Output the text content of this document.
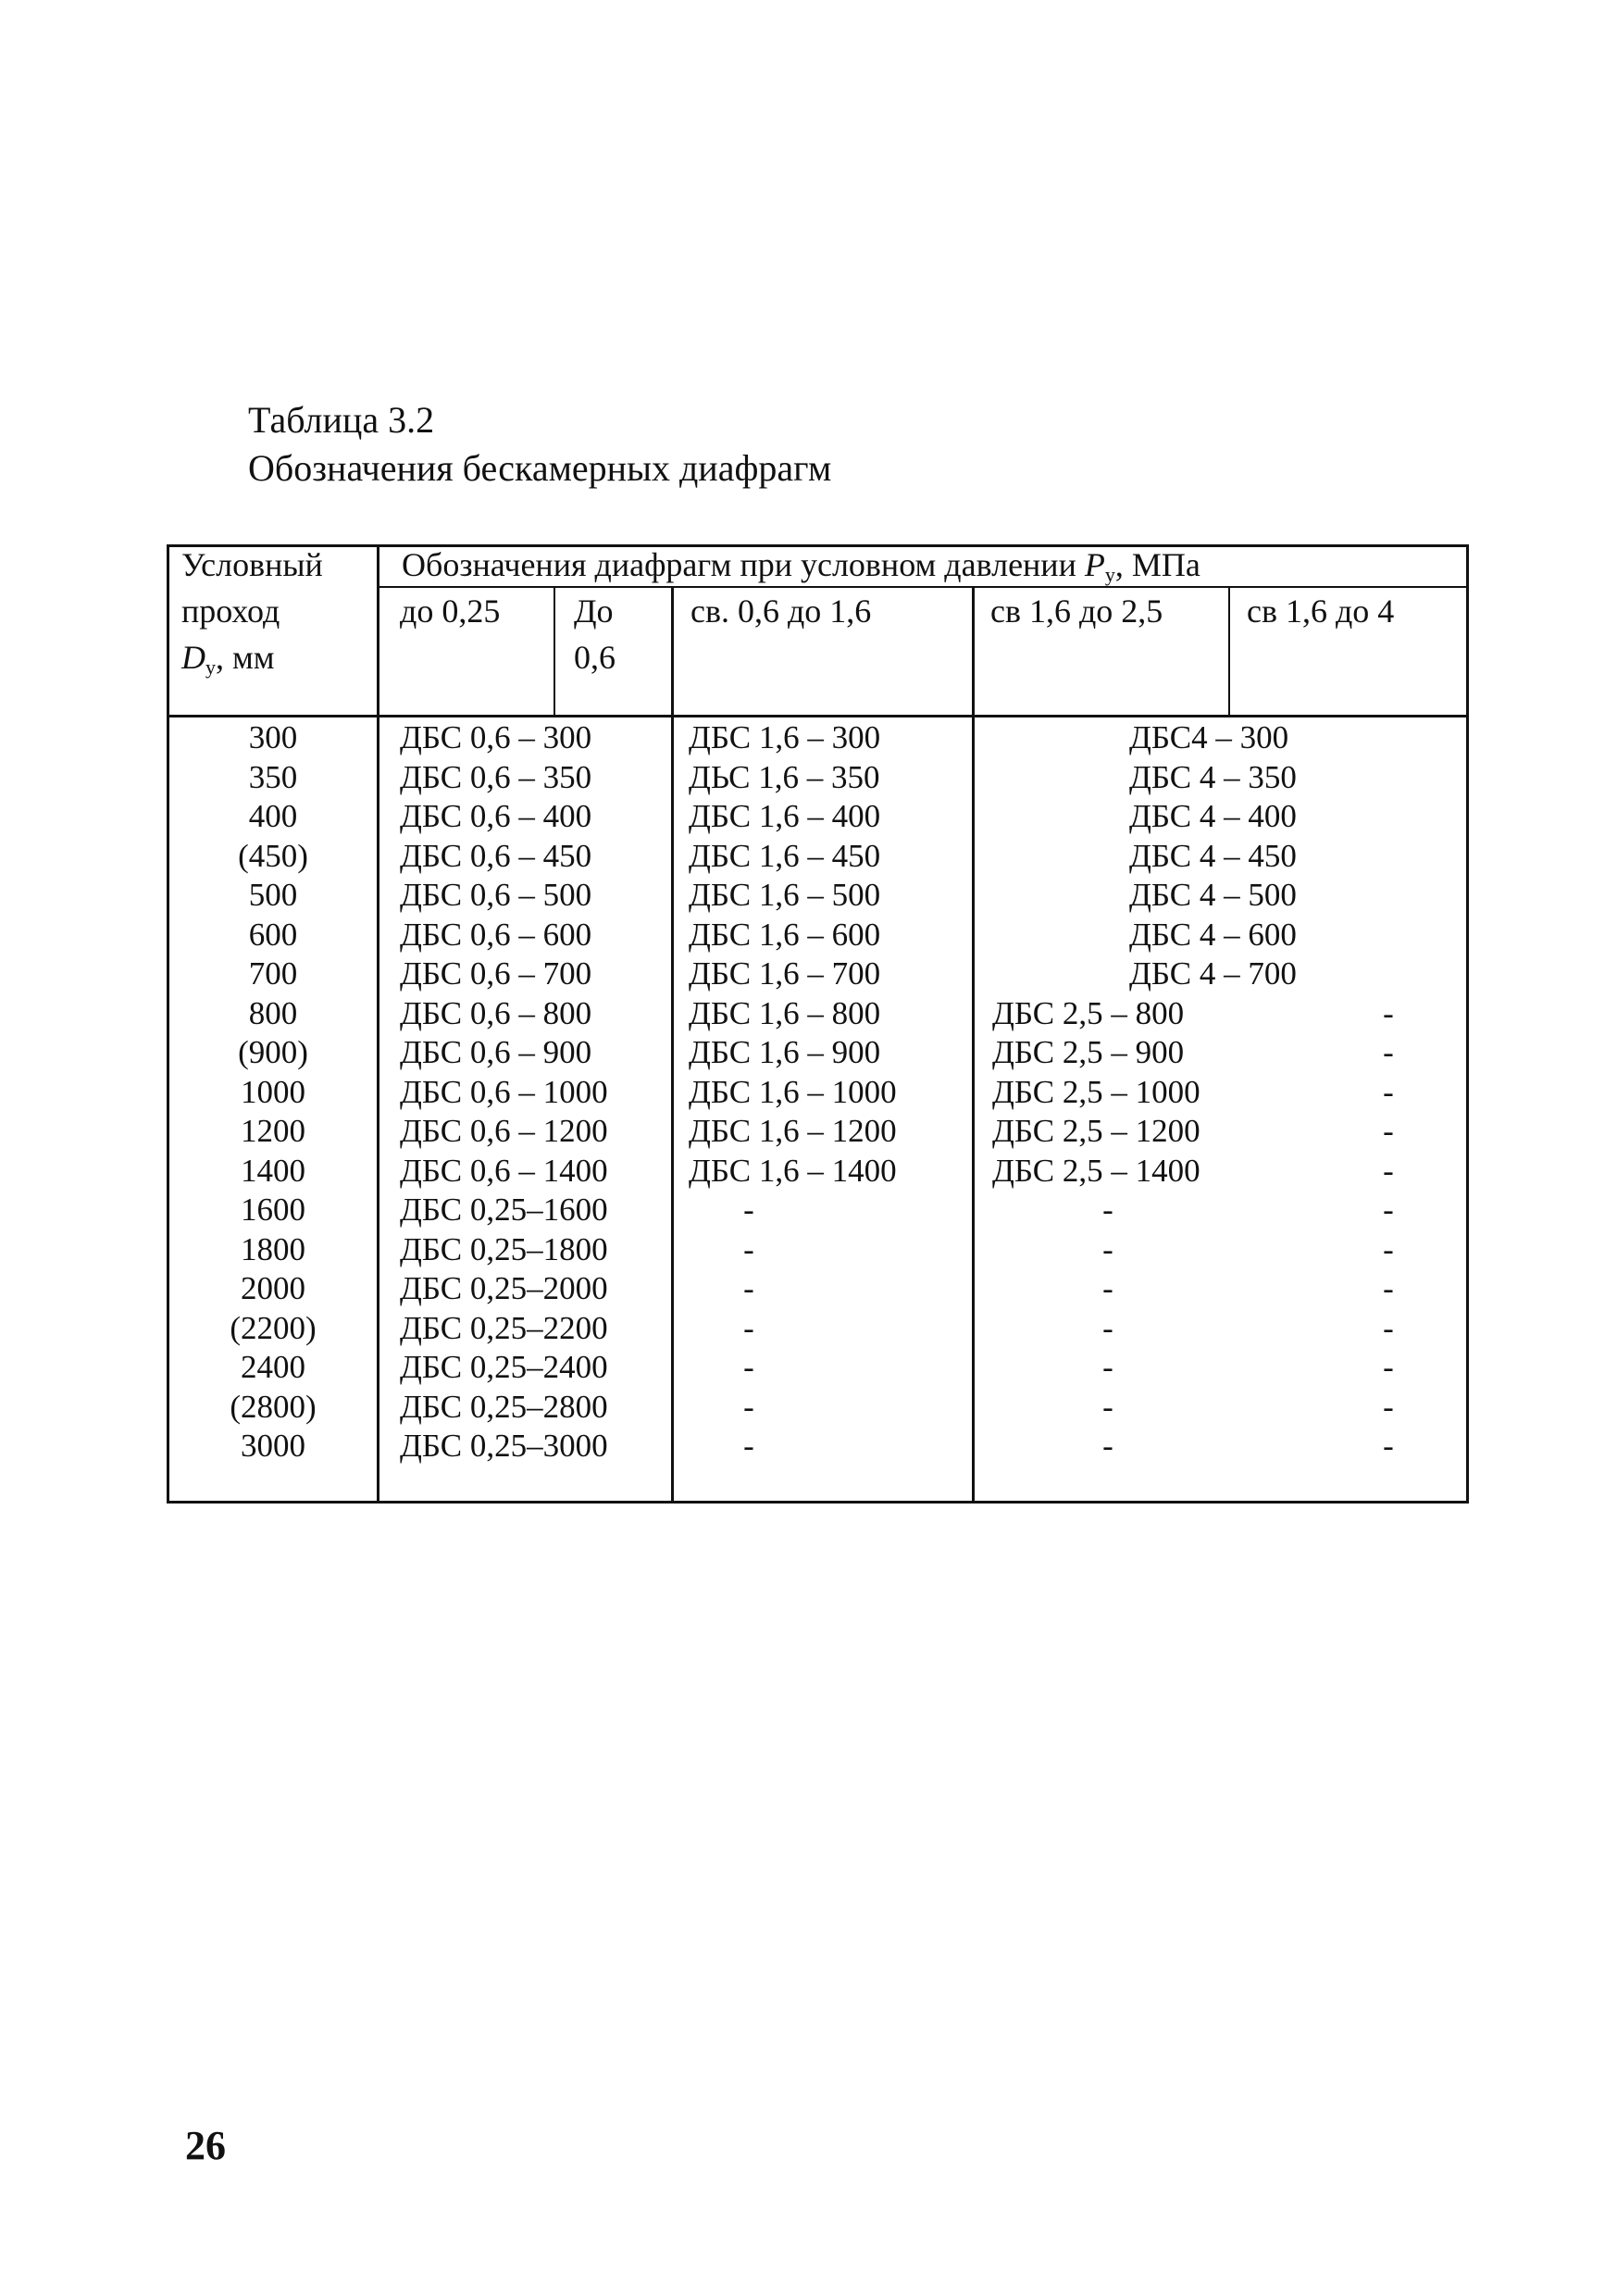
Таблица 3.2
Обозначения бескамерных диафрагм
Условный
проход
$D_y$, мм
Обозначения диафрагм при условном давлении $P_y$, МПа
до 0,25 До
0,6
св. 0,6 до 1,6	св 1,6 до 2,5	св 1,6 до 4
300
350
400
(450)
500
600
700
800
(900)
1000
1200
1400
1600
1800
2000
(2200)
2400
(2800)
3000
ДБС 0,6 – 300
ДБС 0,6 – 350
ДБС 0,6 – 400
ДБС 0,6 – 450
ДБС 0,6 – 500
ДБС 0,6 – 600
ДБС 0,6 – 700
ДБС 0,6 – 800
ДБС 0,6 – 900
ДБС 0,6 – 1000
ДБС 0,6 – 1200
ДБС 0,6 – 1400
ДБС 0,25–1600
ДБС 0,25–1800
ДБС 0,25–2000
ДБС 0,25–2200
ДБС 0,25–2400
ДБС 0,25–2800
ДБС 0,25–3000
ДБС 1,6 – 300
ДЬС 1,6 – 350
ДБС 1,6 – 400
ДБС 1,6 – 450
ДБС 1,6 – 500
ДБС 1,6 – 600
ДБС 1,6 – 700
ДБС 1,6 – 800
ДБС 1,6 – 900
ДБС 1,6 – 1000
ДБС 1,6 – 1200
ДБС 1,6 – 1400
-
-
-
-
-
-
-
ДБС4 – 300
ДБС 4 – 350
ДБС 4 – 400
ДБС 4 – 450
ДБС 4 – 500
ДБС 4 – 600
ДБС 4 – 700
ДБС 2,5 – 800
ДБС 2,5 – 900
ДБС 2,5 – 1000
ДБС 2,5 – 1200
ДБС 2,5 – 1400
-
-
-
-
-
-
-
-
-
-
-
-
-
-
-
-
-
-
-
26
